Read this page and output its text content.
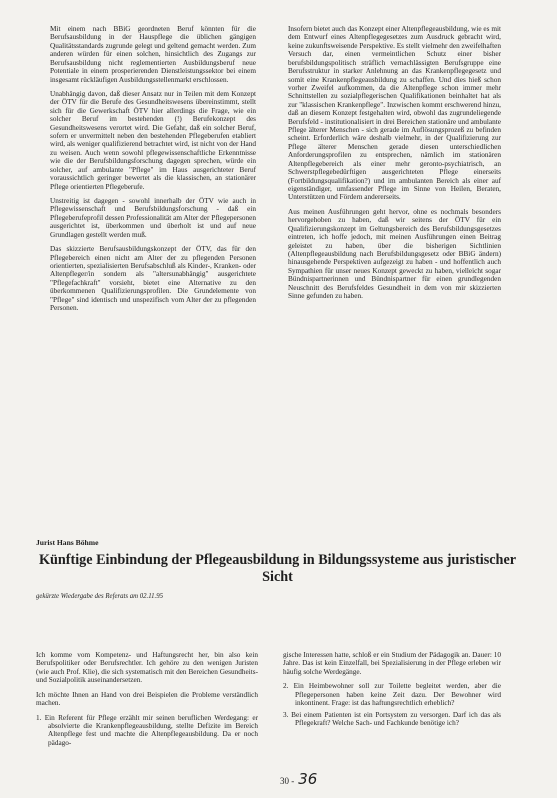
Mit einem nach BBiG geordneten Beruf könnten für die Berufsausbildung in der Hauspflege die üblichen gängigen Qualitätsstandards zugrunde gelegt und geltend gemacht werden. Zum anderen würden für einen solchen, hinsichtlich des Zugangs zur Berufsausbildung nicht reglementierten Ausbildungsberuf neue Potentiale in einem prosperierenden Dienstleistungssektor bei einem insgesamt rückläufigen Ausbildungsstellenmarkt erschlossen.

Unabhängig davon, daß dieser Ansatz nur in Teilen mit dem Konzept der ÖTV für die Berufe des Gesundheitswesens übereinstimmt, stellt sich für die Gewerkschaft ÖTV hier allerdings die Frage, wie ein solcher Beruf im bestehenden (!) Berufekonzept des Gesundheitswesens verortet wird. Die Gefahr, daß ein solcher Beruf, sofern er unvermittelt neben den bestehenden Pflegeberufen etabliert wird, als weniger qualifizierend betrachtet wird, ist nicht von der Hand zu weisen. Auch wenn sowohl pflegewissenschaftliche Erkenntnisse wie die der Berufsbildungsforschung dagegen sprechen, würde ein solcher, auf ambulante "Pflege" im Haus ausgerichteter Beruf voraussichtlich geringer bewertet als die klassischen, an stationärer Pflege orientierten Pflegeberufe.

Unstreitig ist dagegen - sowohl innerhalb der ÖTV wie auch in Pflegewissenschaft und Berufsbildungsforschung - daß ein Pflegeberufeprofil dessen Professionalität am Alter der Pflegepersonen ausgerichtet ist, überkommen und überholt ist und auf neue Grundlagen gestellt werden muß.

Das skizzierte Berufsausbildungskonzept der ÖTV, das für den Pflegebereich einen nicht am Alter der zu pflegenden Personen orientierten, spezialisierten Berufsabschluß als Kinder-, Kranken- oder Altenpfleger/in sondern als "altersunabhängig" ausgerichtete "Pflegefachkraft" vorsieht, bietet eine Alternative zu den überkommenen Qualifizierungsprofilen. Die Grundelemente von "Pflege" sind identisch und unspezifisch vom Alter der zu pflegenden Personen.

Insofern bietet auch das Konzept einer Altenpflegeausbildung, wie es mit dem Entwurf eines Altenpflegegesetzes zum Ausdruck gebracht wird, keine zukunftsweisende Perspektive. Es stellt vielmehr den zweifelhaften Versuch dar, einen vermeintlichen Schutz einer bisher berufsbildungspolitisch sträflich vernachlässigten Berufsgruppe eine Berufsstruktur in starker Anlehnung an das Krankenpflegegesetz und somit eine Krankenpflegeausbildung zu schaffen. Und dies hieß schon vorher Zweifel aufkommen, da die Altenpflege schon immer mehr Schnittstellen zu sozialpflegerischen Qualifikationen beinhaltet hat als zur "klassischen Krankenpflege". Inzwischen kommt erschwerend hinzu, daß an diesem Konzept festgehalten wird, obwohl das zugrundeliegende Berufsfeld - institutionalisiert in drei Bereichen stationäre und ambulante Pflege älterer Menschen - sich gerade im Auflösungsprozeß zu befinden scheint. Erforderlich wäre deshalb vielmehr, in der Qualifizierung zur Pflege älterer Menschen gerade diesen unterschiedlichen Anforderungsprofilen zu entsprechen, nämlich im stationären Altenpflegebereich als einer mehr geronto-psychiatrisch, an Schwerstpflegebedürftigen ausgerichteten Pflege einerseits (Fortbildungsqualifikation?) und im ambulanten Bereich als einer auf eigenständiger, umfassender Pflege im Sinne von Heilen, Beraten, Unterstützen und Fördern andererseits.

Aus meinen Ausführungen geht hervor, ohne es nochmals besonders hervorgehoben zu haben, daß wir seitens der ÖTV für ein Qualifizierungskonzept im Geltungsbereich des Berufsbildungsgesetzes eintreten, ich hoffe jedoch, mit meinen Ausführungen einen Beitrag geleistet zu haben, über die bisherigen Sichtlinien (Altenpflegeausbildung nach Berufsbildungsgesetz oder BBiG ändern) hinausgehende Perspektiven aufgezeigt zu haben - und hoffentlich auch Sympathien für unser neues Konzept geweckt zu haben, vielleicht sogar Bündnispartnerinnen und Bündnispartner für einen grundlegenden Neuschnitt des Berufsfeldes Gesundheit in dem von mir skizzierten Sinne gefunden zu haben.

Jurist Hans Böhme
Künftige Einbindung der Pflegeausbildung in Bildungssysteme aus juristischer Sicht
gekürzte Wiedergabe des Referats am 02.11.95

Ich komme vom Kompetenz- und Haftungsrecht her, bin also kein Berufspolitiker oder Berufsrechtler. Ich gehöre zu den wenigen Juristen (wie auch Prof. Klie), die sich systematisch mit den Bereichen Gesundheits- und Sozialpolitik auseinandersetzen.

Ich möchte Ihnen an Hand von drei Beispielen die Probleme verständlich machen.

1. Ein Referent für Pflege erzählt mir seinen beruflichen Werdegang: er absolvierte die Krankenpflegeausbildung, stellte Defizite im Bereich Altenpflege fest und machte die Altenpflegeausbildung. Da er noch pädago-

gische Interessen hatte, schloß er ein Studium der Pädagogik an. Dauer: 10 Jahre. Das ist kein Einzelfall, bei Spezialisierung in der Pflege erleben wir häufig solche Werdegänge.

2. Ein Heimbewohner soll zur Toilette begleitet werden, aber die Pflegepersonen haben keine Zeit dazu. Der Bewohner wird inkontinent. Frage: ist das haftungsrechtlich erheblich?

3. Bei einem Patienten ist ein Portsystem zu versorgen. Darf ich das als Pflegekraft? Welche Sach- und Fachkunde benötige ich?

30 - 36
